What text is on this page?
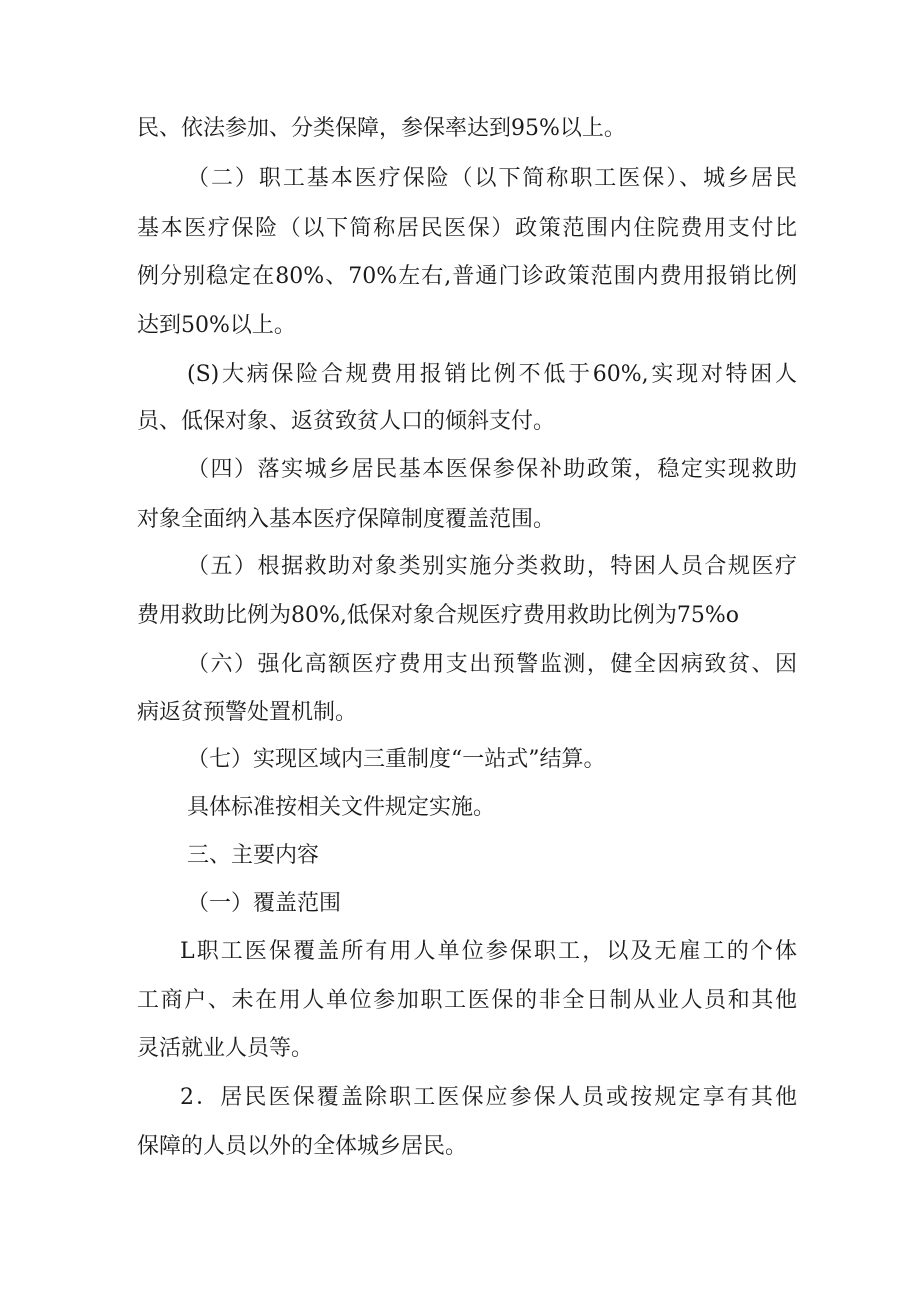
民、依法参加、分类保障，参保率达到95%以上。
（二）职工基本医疗保险（以下简称职工医保）、城乡居民
基本医疗保险（以下简称居民医保）政策范围内住院费用支付比
例分别稳定在80%、70%左右,普通门诊政策范围内费用报销比例
达到50%以上。
(S)大病保险合规费用报销比例不低于60%,实现对特困人
员、低保对象、返贫致贫人口的倾斜支付。
（四）落实城乡居民基本医保参保补助政策，稳定实现救助
对象全面纳入基本医疗保障制度覆盖范围。
（五）根据救助对象类别实施分类救助，特困人员合规医疗
费用救助比例为80%,低保对象合规医疗费用救助比例为75%o
（六）强化高额医疗费用支出预警监测，健全因病致贫、因
病返贫预警处置机制。
（七）实现区域内三重制度“一站式”结算。
具体标准按相关文件规定实施。
三、主要内容
（一）覆盖范围
L职工医保覆盖所有用人单位参保职工，以及无雇工的个体
工商户、未在用人单位参加职工医保的非全日制从业人员和其他
灵活就业人员等。
2．居民医保覆盖除职工医保应参保人员或按规定享有其他
保障的人员以外的全体城乡居民。
